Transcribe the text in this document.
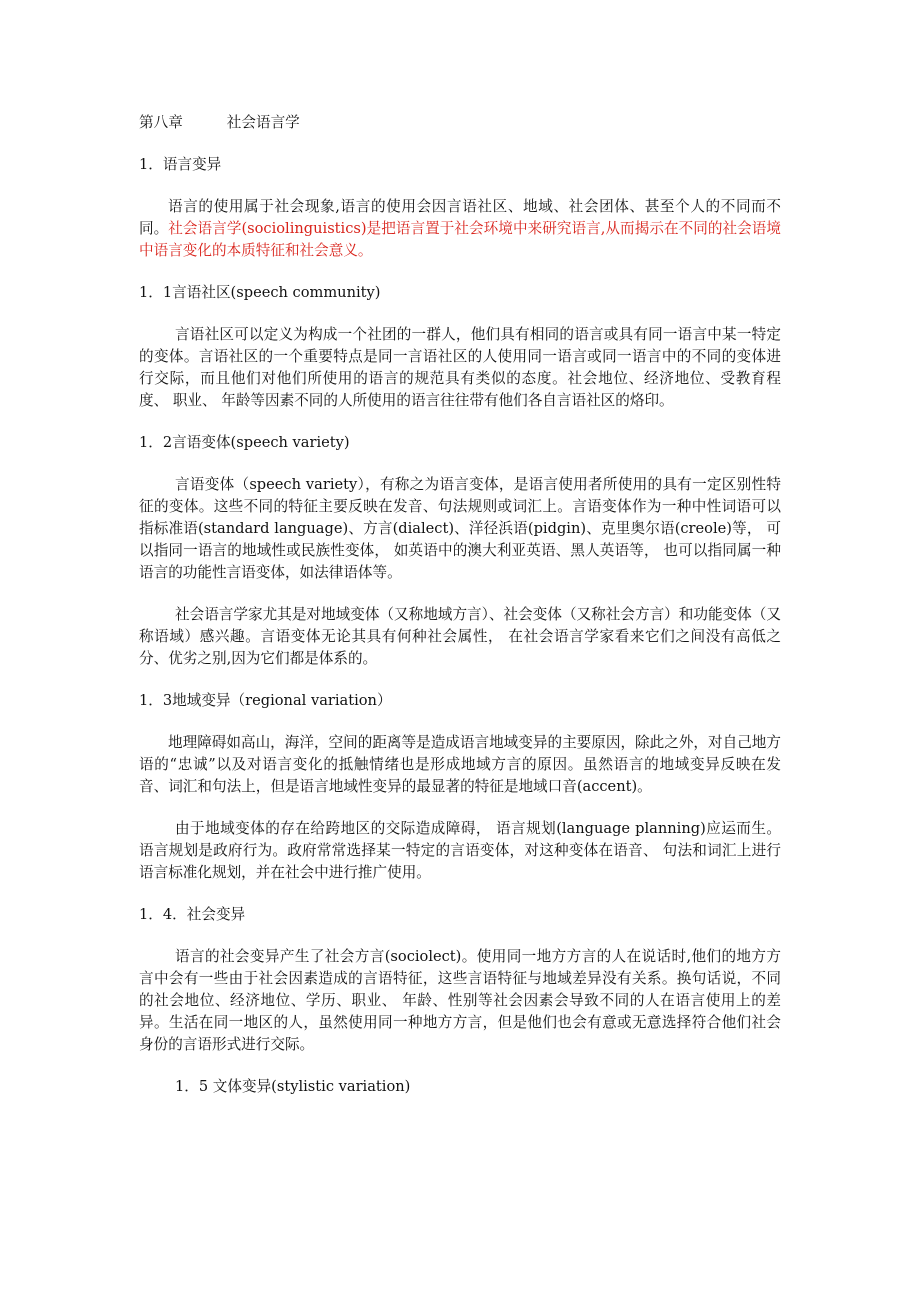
第八章	社会语言学

1．语言变异

语言的使用属于社会现象,语言的使用会因言语社区、地域、社会团体、甚至个人的不同而不同。社会语言学(sociolinguistics)是把语言置于社会环境中来研究语言,从而揭示在不同的社会语境中语言变化的本质特征和社会意义。

1．1言语社区(speech community)

言语社区可以定义为构成一个社团的一群人，他们具有相同的语言或具有同一语言中某一特定的变体。言语社区的一个重要特点是同一言语社区的人使用同一语言或同一语言中的不同的变体进行交际，而且他们对他们所使用的语言的规范具有类似的态度。社会地位、经济地位、受教育程度、 职业、 年龄等因素不同的人所使用的语言往往带有他们各自言语社区的烙印。

1．2言语变体(speech variety)

言语变体（speech variety），有称之为语言变体，是语言使用者所使用的具有一定区别性特征的变体。这些不同的特征主要反映在发音、句法规则或词汇上。言语变体作为一种中性词语可以指标准语(standard language)、方言(dialect)、洋径浜语(pidgin)、克里奥尔语(creole)等， 可以指同一语言的地域性或民族性变体， 如英语中的澳大利亚英语、黑人英语等， 也可以指同属一种语言的功能性言语变体，如法律语体等。

社会语言学家尤其是对地域变体（又称地域方言）、社会变体（又称社会方言）和功能变体（又称语域）感兴趣。言语变体无论其具有何种社会属性， 在社会语言学家看来它们之间没有高低之分、优劣之别,因为它们都是体系的。

1．3地域变异（regional variation）

地理障碍如高山，海洋，空间的距离等是造成语言地域变异的主要原因，除此之外，对自己地方语的“忠诚”以及对语言变化的抵触情绪也是形成地域方言的原因。虽然语言的地域变异反映在发音、词汇和句法上，但是语言地域性变异的最显著的特征是地域口音(accent)。

由于地域变体的存在给跨地区的交际造成障碍， 语言规划(language planning)应运而生。语言规划是政府行为。政府常常选择某一特定的言语变体，对这种变体在语音、 句法和词汇上进行语言标准化规划，并在社会中进行推广使用。

1．4．社会变异

语言的社会变异产生了社会方言(sociolect)。使用同一地方方言的人在说话时,他们的地方方言中会有一些由于社会因素造成的言语特征，这些言语特征与地域差异没有关系。换句话说，不同的社会地位、经济地位、学历、职业、 年龄、性别等社会因素会导致不同的人在语言使用上的差异。生活在同一地区的人，虽然使用同一种地方方言，但是他们也会有意或无意选择符合他们社会身份的言语形式进行交际。

1．5 文体变异(stylistic variation)
